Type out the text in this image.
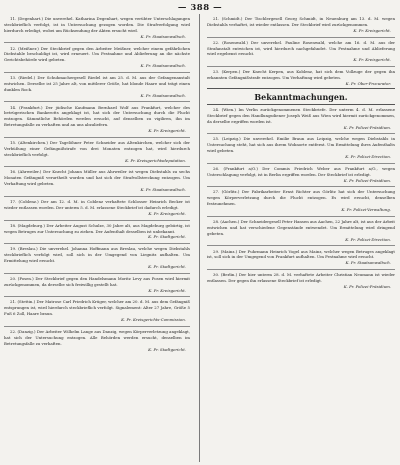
— 388 —
11. (Degenhart.) Die unverehel. Katharina Degenhart, wegen verübter Unterschlagungen steckbrieflich verfolgt, ist in Untersuchung gezogen worden. Die Strafverfolgung wird hierdurch erledigt, wobei um Rücksendung der Akten ersucht wird.
K. Pr. Staatsanwaltsch.
12. (Meißner.) Der Steckbrief gegen den Arbeiter Meißner, welcher einem gefährlichen Diebstahle beschuldigt ist, wird erneuert. Um Festnahme und Ablieferung an die nächste Gerichtsbehörde wird gebeten.
K. Pr. Staatsanwaltsch.
13. (Riedel.) Der Schuhmachergesell Riedel ist am 25. d. M. aus der Gefangenanstalt entwichen. Derselbe ist 25 Jahre alt, von mittlerer Größe, hat blonde Haare und trägt einen dunklen Rock.
K. Pr. Staatsanwaltsch.
14. (Frankfurt.) Der jüdische Kaufmann Bernhard Wolf aus Frankfurt, welcher des betrügerischen Bankerotts angeklagt ist, hat sich der Untersuchung durch die Flucht entzogen. Sämmtliche Behörden werden ersucht, auf denselben zu vigiliren, ihn im Betretungsfalle zu verhaften und an uns abzuliefern.
K. Pr. Kreisgericht.
15. (Altenkirchen.) Der Tagelöhner Peter Schneider aus Altenkirchen, welcher sich der Verbüßung einer Gefängnißstrafe von drei Monaten entzogen hat, wird hierdurch steckbrieflich verfolgt.
K. Pr. Kreisgerichtsdeputation.
16. (Ahrweiler.) Der Knecht Johann Müller aus Ahrweiler ist wegen Diebstahls zu sechs Monaten Gefängniß verurtheilt worden und hat sich der Strafvollstreckung entzogen. Um Verhaftung wird gebeten.
K. Pr. Staatsanwaltsch.
17. (Coblenz.) Der am 12. d. M. in Coblenz verhaftete Schlosser Heinrich Becker ist wieder entlassen worden. Der unterm 5. d. M. erlassene Steckbrief ist dadurch erledigt.
K. Pr. Kreisgericht.
18. (Magdeburg.) Der Arbeiter August Schulze, 30 Jahre alt, aus Magdeburg gebürtig, ist wegen Betruges zur Untersuchung zu ziehen. Der Aufenthalt desselben ist unbekannt.
K. Pr. Stadtgericht.
19. (Breslau.) Die unverehel. Johanna Hoffmann aus Breslau, welche wegen Diebstahls steckbrieflich verfolgt wird, soll sich in der Umgegend von Liegnitz aufhalten. Um Ermittelung wird ersucht.
K. Pr. Stadtgericht.
20. (Posen.) Der Steckbrief gegen den Handelsmann Moritz Levy aus Posen wird hiermit zurückgenommen, da derselbe sich freiwillig gestellt hat.
K. Pr. Kreisgericht.
21. (Stettin.) Der Matrose Carl Friedrich Krüger, welcher am 20. d. M. aus dem Gefängniß entsprungen ist, wird hierdurch steckbrieflich verfolgt. Signalement: Alter 27 Jahre, Größe 5 Fuß 6 Zoll, Haare braun.
K. Pr. Kreisgerichts-Commission.
22. (Danzig.) Der Arbeiter Wilhelm Lange aus Danzig, wegen Körperverletzung angeklagt, hat sich der Untersuchung entzogen. Alle Behörden werden ersucht, denselben im Betretungsfalle zu verhaften.
K. Pr. Stadtgericht.
21. (Schmidt.) Der Tischlergesell Georg Schmidt, in Neuenburg am 13. d. M. wegen Diebstahls verhaftet, ist wieder entlassen. Der Steckbrief wird zurückgenommen.
K. Pr. Kreisgericht.
22. (Rosenwald.) Der unverehel. Pauline Rosenwald, welche am 16. d. M. aus der Strafanstalt entwichen ist, wird hierdurch nachgefahndet. Um Festnahme und Ablieferung wird ergebenst ersucht.
K. Pr. Kreisgericht.
23. (Kerpen.) Der Knecht Kerpen, aus Koblenz, hat sich dem Vollzuge der gegen ihn erkannten Gefängnißstrafe entzogen. Um Verhaftung wird gebeten.
K. Pr. Ober-Procurator.
Bekanntmachungen.
24. (Wien.) Im Verlin zurückgenommenen Steckbriefe. Der unterm 4. d. M. erlassene Steckbrief gegen den Handlungsdiener Joseph Weiß aus Wien wird hiermit zurückgenommen, da derselbe ergriffen worden ist.
K. Pr. Polizei-Präsidium.
25. (Leipzig.) Die unverehel. Emilie Braun aus Leipzig, welche wegen Diebstahls in Untersuchung steht, hat sich aus ihrem Wohnorte entfernt. Um Ermittelung ihres Aufenthalts wird gebeten.
K. Pr. Polizei-Direction.
26. (Frankfurt a/O.) Der Commis Friedrich Weber aus Frankfurt a/O., wegen Unterschlagung verfolgt, ist in Berlin ergriffen worden. Der Steckbrief ist erledigt.
K. Pr. Polizei-Präsidium.
27. (Görlitz.) Der Fabrikarbeiter Ernst Richter aus Görlitz hat sich der Untersuchung wegen Körperverletzung durch die Flucht entzogen. Es wird ersucht, denselben festzunehmen.
K. Pr. Polizei-Verwaltung.
28. (Aachen.) Der Schneidergesell Peter Hansen aus Aachen, 22 Jahre alt, ist aus der Arbeit entwichen und hat verschiedene Gegenstände entwendet. Um Ermittelung wird dringend gebeten.
K. Pr. Polizei-Direction.
29. (Mainz.) Der Fuhrmann Heinrich Vogel aus Mainz, welcher wegen Betruges angeklagt ist, soll sich in der Umgegend von Frankfurt aufhalten. Um Festnahme wird ersucht.
K. Pr. Staatsanwaltsch.
30. (Berlin.) Der hier unterm 28. d. M. verhaftete Arbeiter Christian Neumann ist wieder entlassen. Der gegen ihn erlassene Steckbrief ist erledigt.
K. Pr. Polizei-Präsidium.
